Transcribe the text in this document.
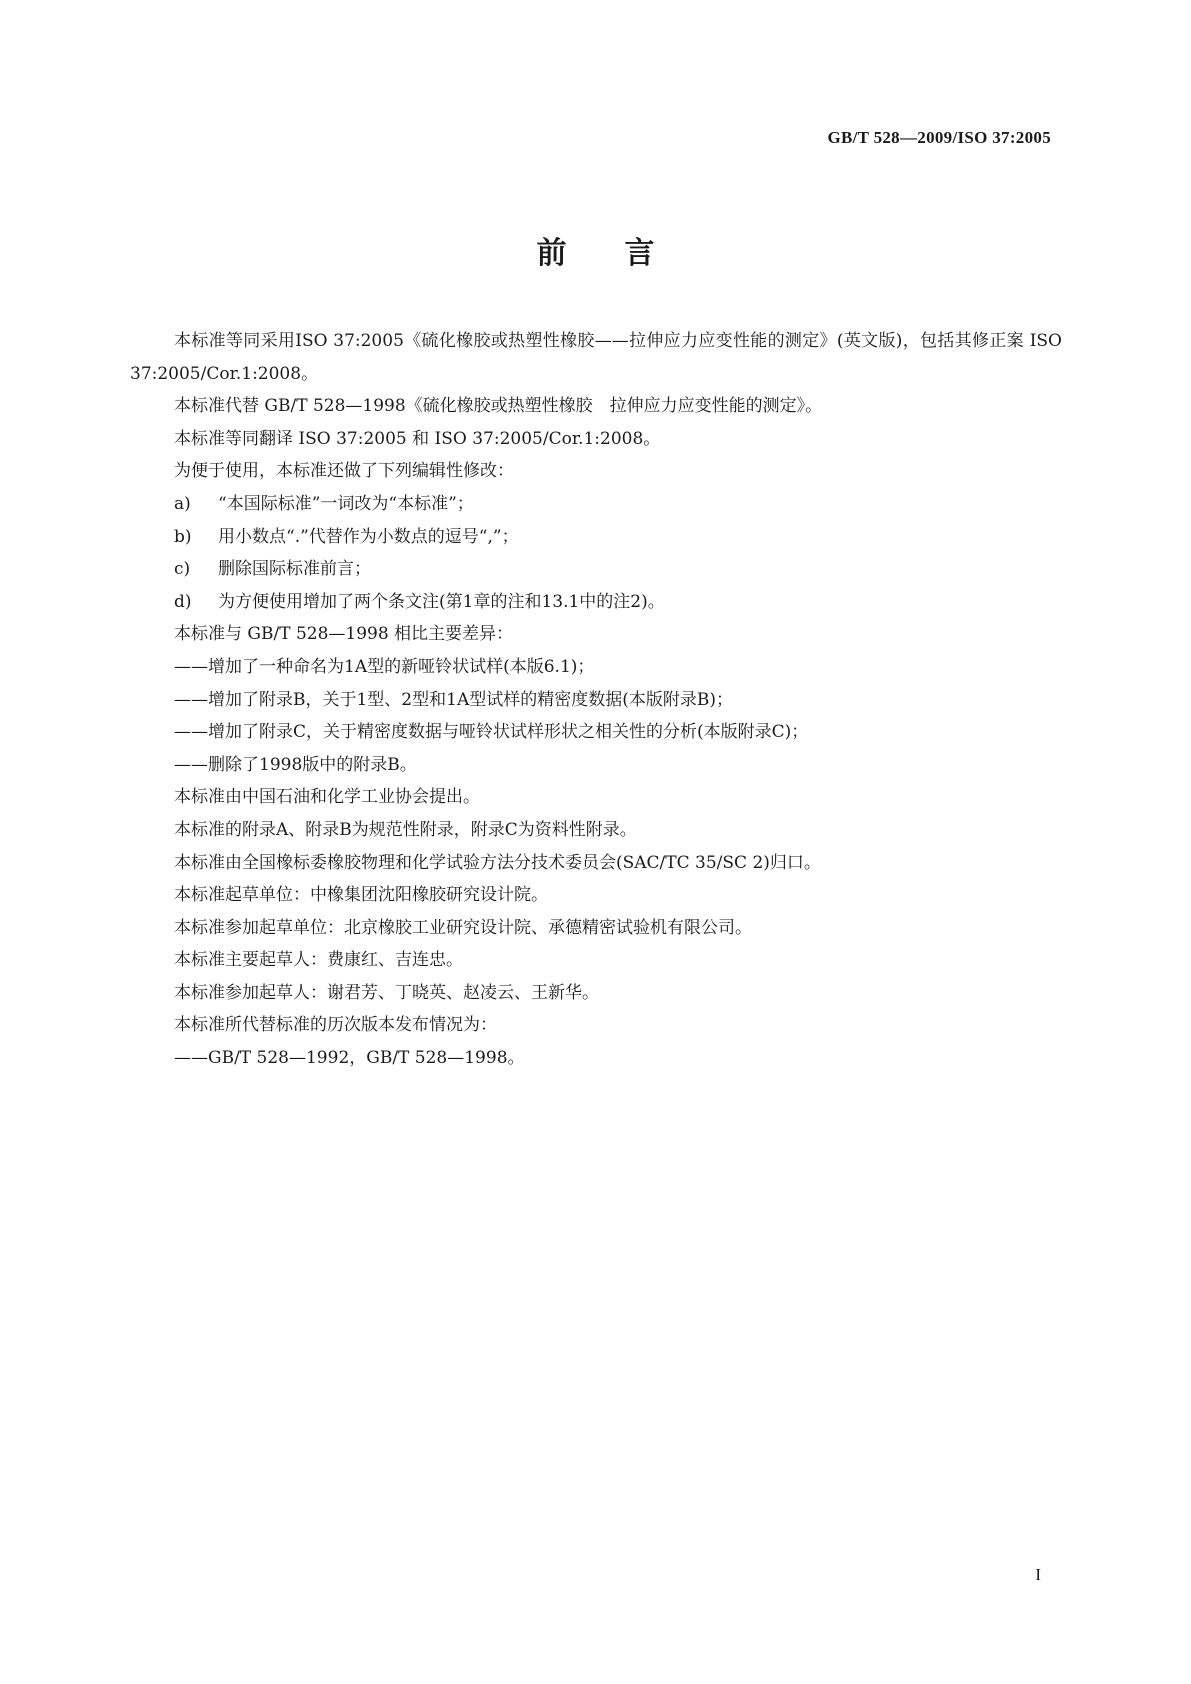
GB/T 528—2009/ISO 37:2005
前言

本标准等同采用ISO 37:2005《硫化橡胶或热塑性橡胶——拉伸应力应变性能的测定》(英文版)，包括其修正案 ISO 37:2005/Cor.1:2008。

本标准代替 GB/T 528—1998《硫化橡胶或热塑性橡胶　拉伸应力应变性能的测定》。

本标准等同翻译 ISO 37:2005 和 ISO 37:2005/Cor.1:2008。

为便于使用，本标准还做了下列编辑性修改：

a) “本国际标准”一词改为“本标准”；

b) 用小数点“.”代替作为小数点的逗号“,”；

c) 删除国际标准前言；

d) 为方便使用增加了两个条文注(第1章的注和13.1中的注2)。

本标准与 GB/T 528—1998 相比主要差异：

——增加了一种命名为1A型的新哑铃状试样(本版6.1)；

——增加了附录B，关于1型、2型和1A型试样的精密度数据(本版附录B)；

——增加了附录C，关于精密度数据与哑铃状试样形状之相关性的分析(本版附录C)；

——删除了1998版中的附录B。

本标准由中国石油和化学工业协会提出。

本标准的附录A、附录B为规范性附录，附录C为资料性附录。

本标准由全国橡标委橡胶物理和化学试验方法分技术委员会(SAC/TC 35/SC 2)归口。

本标准起草单位：中橡集团沈阳橡胶研究设计院。

本标准参加起草单位：北京橡胶工业研究设计院、承德精密试验机有限公司。

本标准主要起草人：费康红、吉连忠。

本标准参加起草人：谢君芳、丁晓英、赵凌云、王新华。

本标准所代替标准的历次版本发布情况为：

——GB/T 528—1992，GB/T 528—1998。

I
